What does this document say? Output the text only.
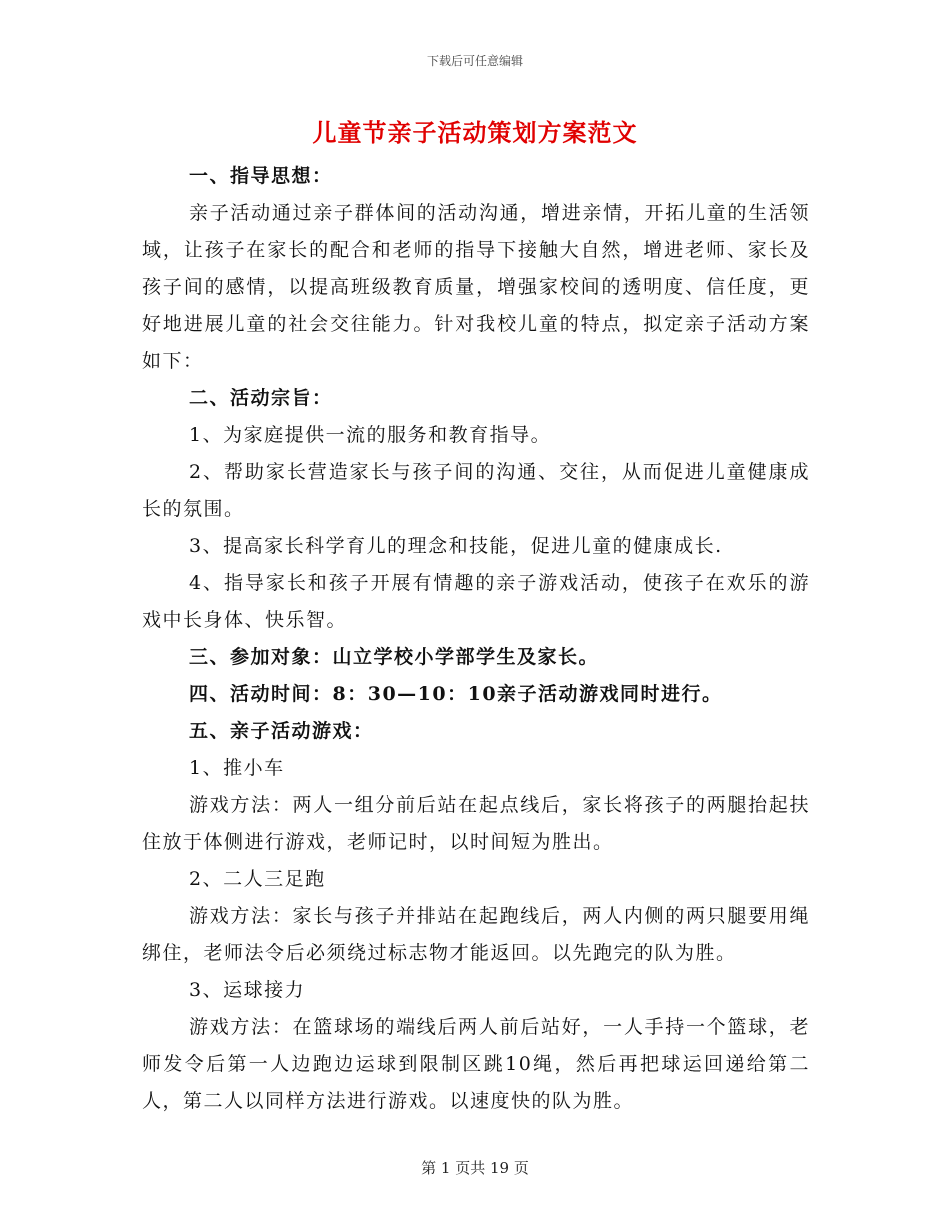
下载后可任意编辑
儿童节亲子活动策划方案范文

一、指导思想：

亲子活动通过亲子群体间的活动沟通，增进亲情，开拓儿童的生活领域，让孩子在家长的配合和老师的指导下接触大自然，增进老师、家长及孩子间的感情，以提高班级教育质量，增强家校间的透明度、信任度，更好地进展儿童的社会交往能力。针对我校儿童的特点，拟定亲子活动方案如下：

二、活动宗旨：

1、为家庭提供一流的服务和教育指导。

2、帮助家长营造家长与孩子间的沟通、交往，从而促进儿童健康成长的氛围。

3、提高家长科学育儿的理念和技能，促进儿童的健康成长.

4、指导家长和孩子开展有情趣的亲子游戏活动，使孩子在欢乐的游戏中长身体、快乐智。

三、参加对象：山立学校小学部学生及家长。

四、活动时间：8：30—10：10亲子活动游戏同时进行。

五、亲子活动游戏：

1、推小车

游戏方法：两人一组分前后站在起点线后，家长将孩子的两腿抬起扶住放于体侧进行游戏，老师记时，以时间短为胜出。

2、二人三足跑

游戏方法：家长与孩子并排站在起跑线后，两人内侧的两只腿要用绳绑住，老师法令后必须绕过标志物才能返回。以先跑完的队为胜。

3、运球接力

游戏方法：在篮球场的端线后两人前后站好，一人手持一个篮球，老师发令后第一人边跑边运球到限制区跳10绳，然后再把球运回递给第二人，第二人以同样方法进行游戏。以速度快的队为胜。

第 1 页共 19 页
